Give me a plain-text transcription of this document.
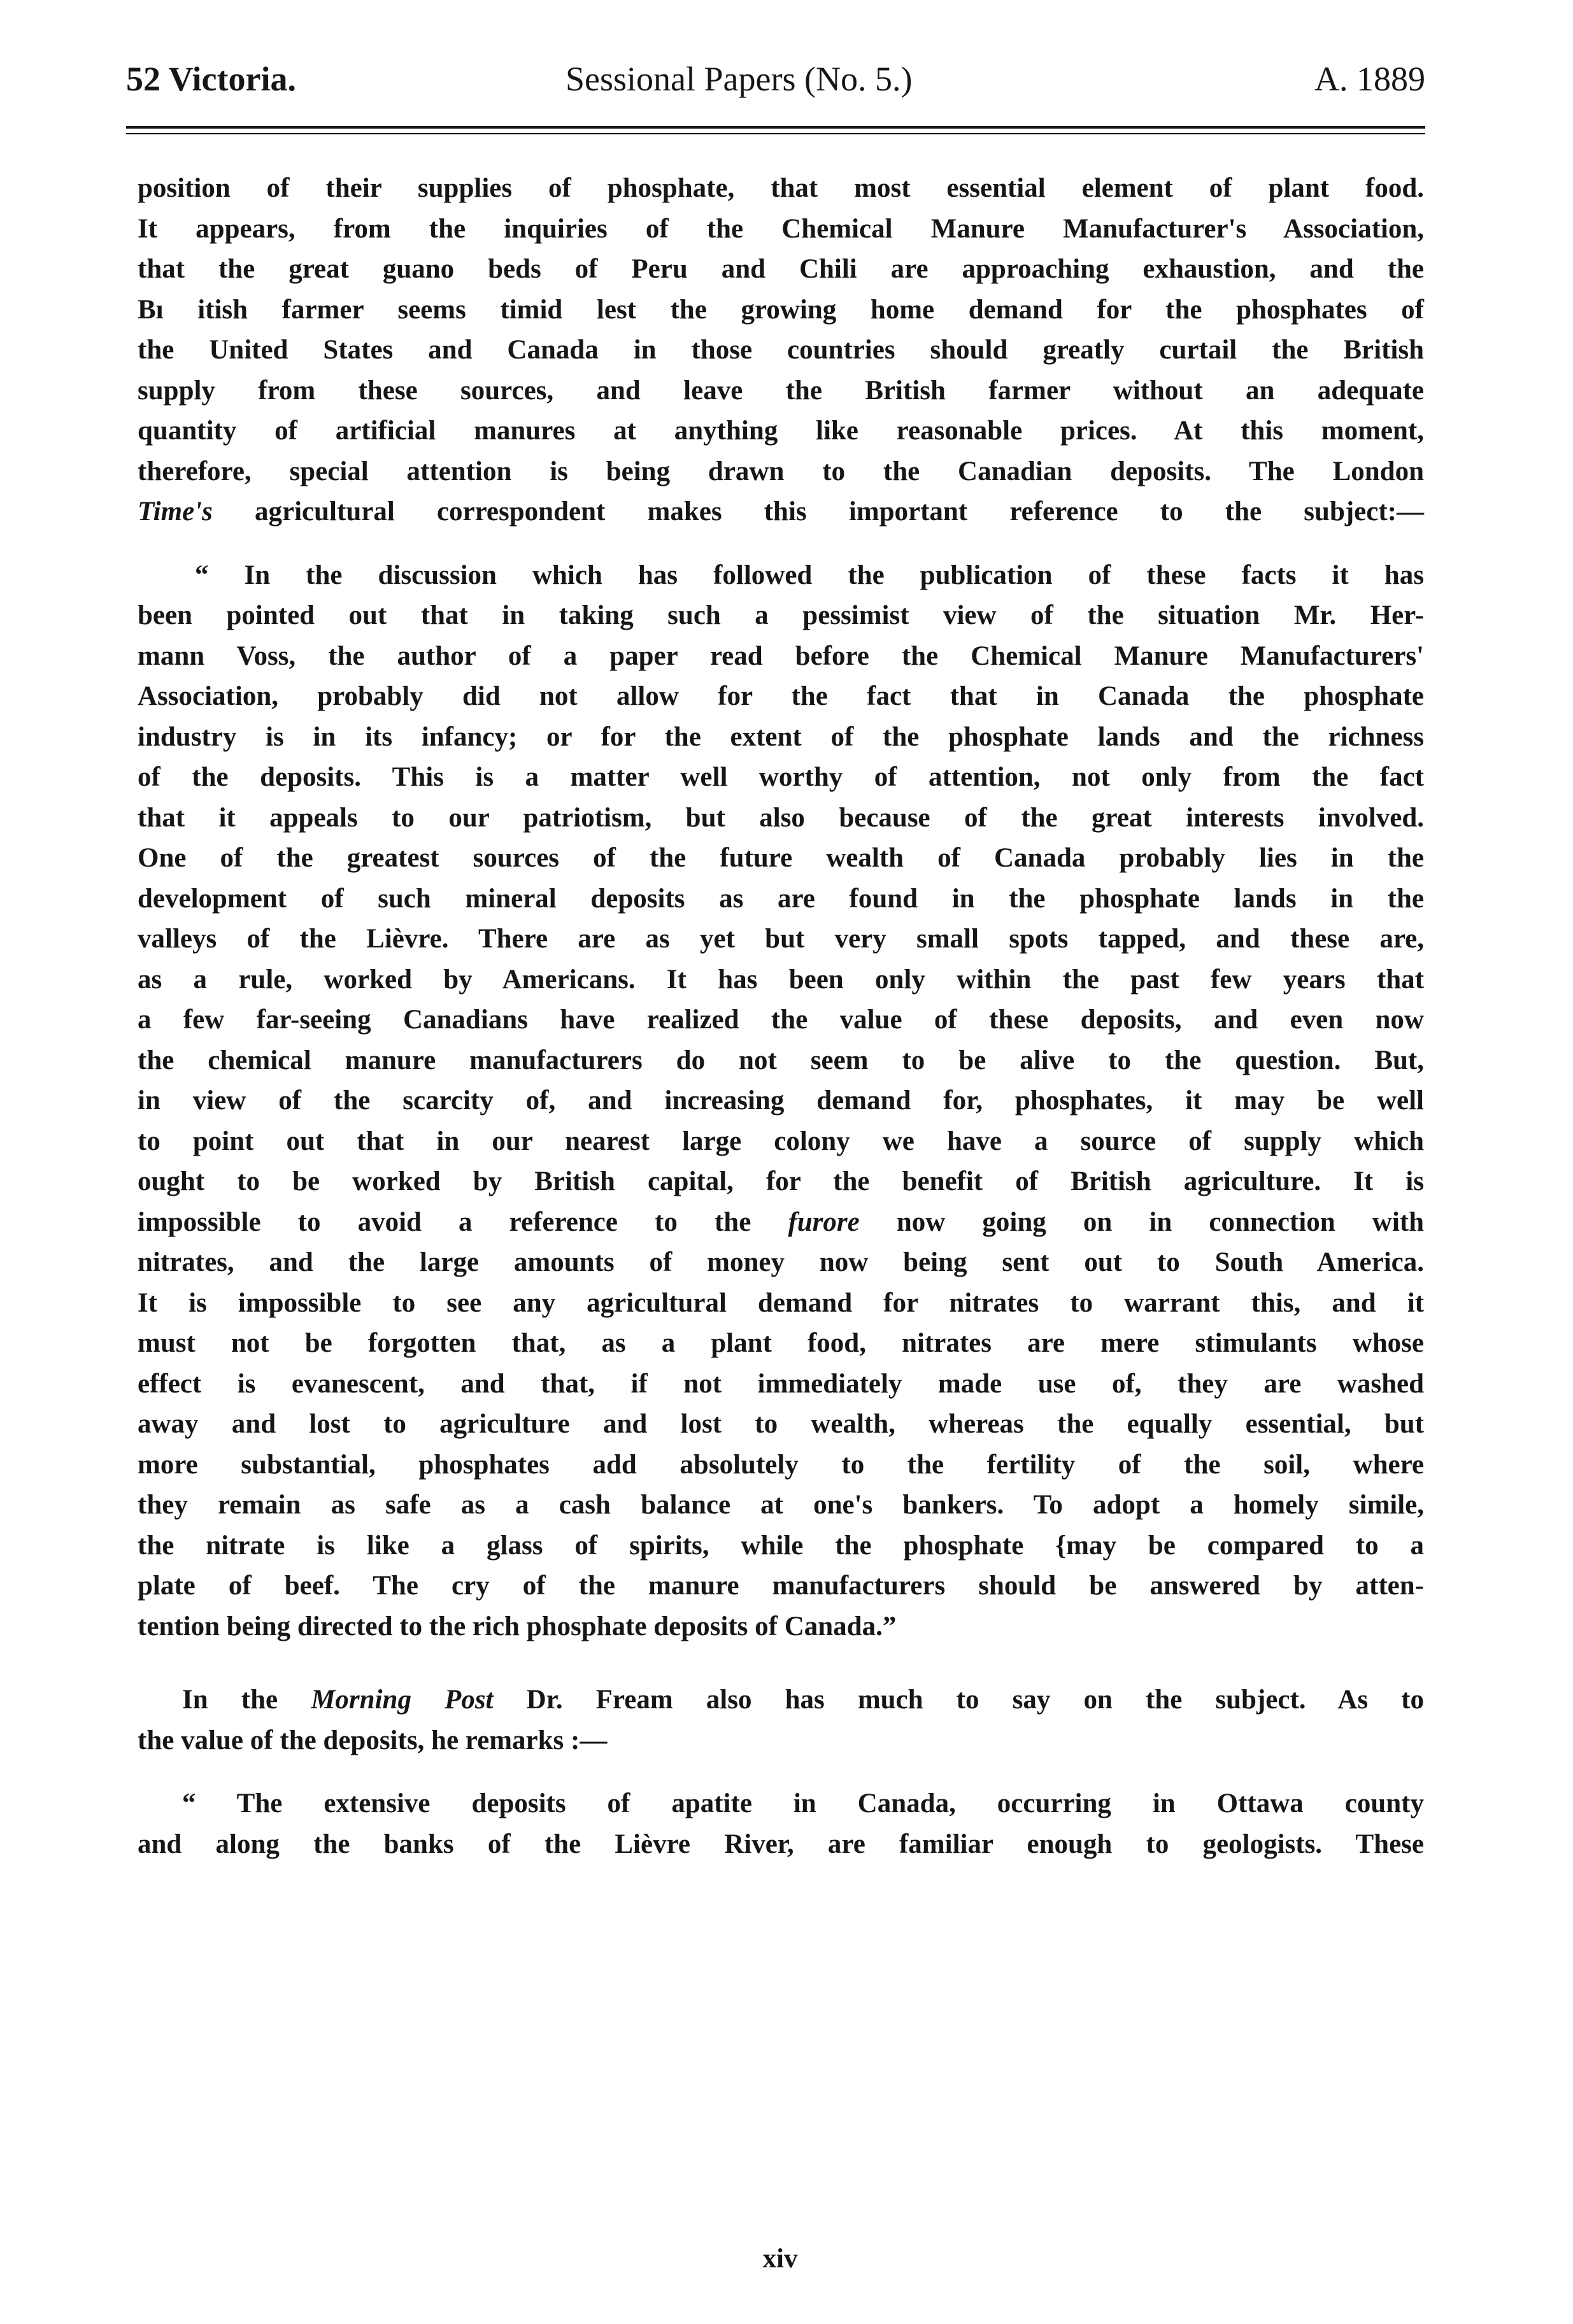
52 Victoria.	Sessional Papers (No. 5.)	A. 1889
position of their supplies of phosphate, that most essential element of plant food.
It appears, from the inquiries of the Chemical Manure Manufacturer's Association,
that the great guano beds of Peru and Chili are approaching exhaustion, and the
Bı itish farmer seems timid lest the growing home demand for the phosphates of
the United States and Canada in those countries should greatly curtail the British
supply from these sources, and leave the British farmer without an adequate
quantity of artificial manures at anything like reasonable prices. At this moment,
therefore, special attention is being drawn to the Canadian deposits. The London
Time's agricultural correspondent makes this important reference to the subject:—
“ In the discussion which has followed the publication of these facts it has
been pointed out that in taking such a pessimist view of the situation Mr. Her-
mann Voss, the author of a paper read before the Chemical Manure Manufacturers'
Association, probably did not allow for the fact that in Canada the phosphate
industry is in its infancy; or for the extent of the phosphate lands and the richness
of the deposits. This is a matter well worthy of attention, not only from the fact
that it appeals to our patriotism, but also because of the great interests involved.
One of the greatest sources of the future wealth of Canada probably lies in the
development of such mineral deposits as are found in the phosphate lands in the
valleys of the Lièvre. There are as yet but very small spots tapped, and these are,
as a rule, worked by Americans. It has been only within the past few years that
a few far-seeing Canadians have realized the value of these deposits, and even now
the chemical manure manufacturers do not seem to be alive to the question. But,
in view of the scarcity of, and increasing demand for, phosphates, it may be well
to point out that in our nearest large colony we have a source of supply which
ought to be worked by British capital, for the benefit of British agriculture. It is
impossible to avoid a reference to the furore now going on in connection with
nitrates, and the large amounts of money now being sent out to South America.
It is impossible to see any agricultural demand for nitrates to warrant this, and it
must not be forgotten that, as a plant food, nitrates are mere stimulants whose
effect is evanescent, and that, if not immediately made use of, they are washed
away and lost to agriculture and lost to wealth, whereas the equally essential, but
more substantial, phosphates add absolutely to the fertility of the soil, where
they remain as safe as a cash balance at one's bankers. To adopt a homely simile,
the nitrate is like a glass of spirits, while the phosphate {may be compared to a
plate of beef. The cry of the manure manufacturers should be answered by atten-
tention being directed to the rich phosphate deposits of Canada.”
In the Morning Post Dr. Fream also has much to say on the subject. As to
the value of the deposits, he remarks :—
“ The extensive deposits of apatite in Canada, occurring in Ottawa county
and along the banks of the Lièvre River, are familiar enough to geologists. These
xiv
